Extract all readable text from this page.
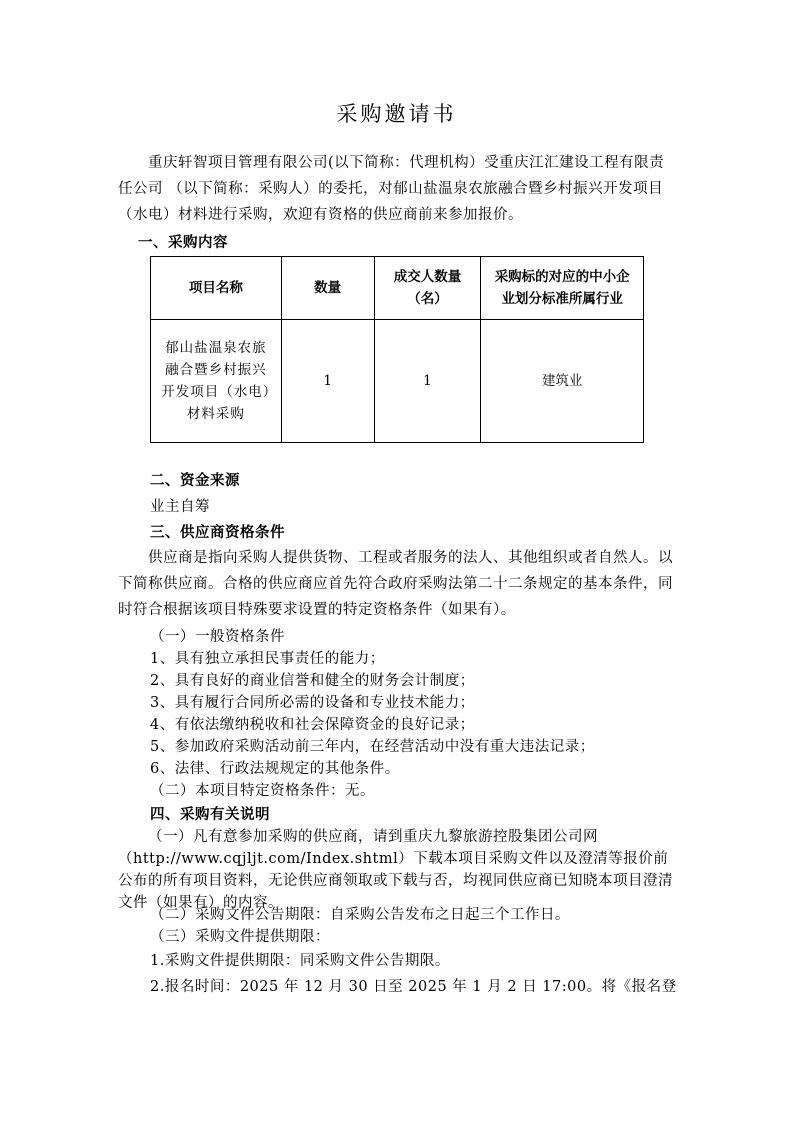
采购邀请书

重庆轩智项目管理有限公司(以下简称：代理机构）受重庆江汇建设工程有限责任公司 （以下简称：采购人）的委托，对郁山盐温泉农旅融合暨乡村振兴开发项目（水电）材料进行采购，欢迎有资格的供应商前来参加报价。

一、采购内容
项目名称	数量	成交人数量（名）	采购标的对应的中小企业划分标准所属行业
郁山盐温泉农旅融合暨乡村振兴开发项目（水电）材料采购	1	1	建筑业
二、资金来源
业主自筹
三、供应商资格条件

供应商是指向采购人提供货物、工程或者服务的法人、其他组织或者自然人。以下简称供应商。合格的供应商应首先符合政府采购法第二十二条规定的基本条件，同时符合根据该项目特殊要求设置的特定资格条件（如果有）。

（一）一般资格条件
1、具有独立承担民事责任的能力；
2、具有良好的商业信誉和健全的财务会计制度；
3、具有履行合同所必需的设备和专业技术能力；
4、有依法缴纳税收和社会保障资金的良好记录；
5、参加政府采购活动前三年内，在经营活动中没有重大违法记录；
6、法律、行政法规规定的其他条件。
（二）本项目特定资格条件：无。
四、采购有关说明

（一）凡有意参加采购的供应商，请到重庆九黎旅游控股集团公司网（http://www.cqjljt.com/Index.shtml）下载本项目采购文件以及澄清等报价前公布的所有项目资料，无论供应商领取或下载与否，均视同供应商已知晓本项目澄清文件（如果有）的内容。

（二）采购文件公告期限：自采购公告发布之日起三个工作日。
（三）采购文件提供期限：
1.采购文件提供期限：同采购文件公告期限。
2.报名时间：2025 年 12 月 30 日至 2025 年 1 月 2 日 17:00。将《报名登
